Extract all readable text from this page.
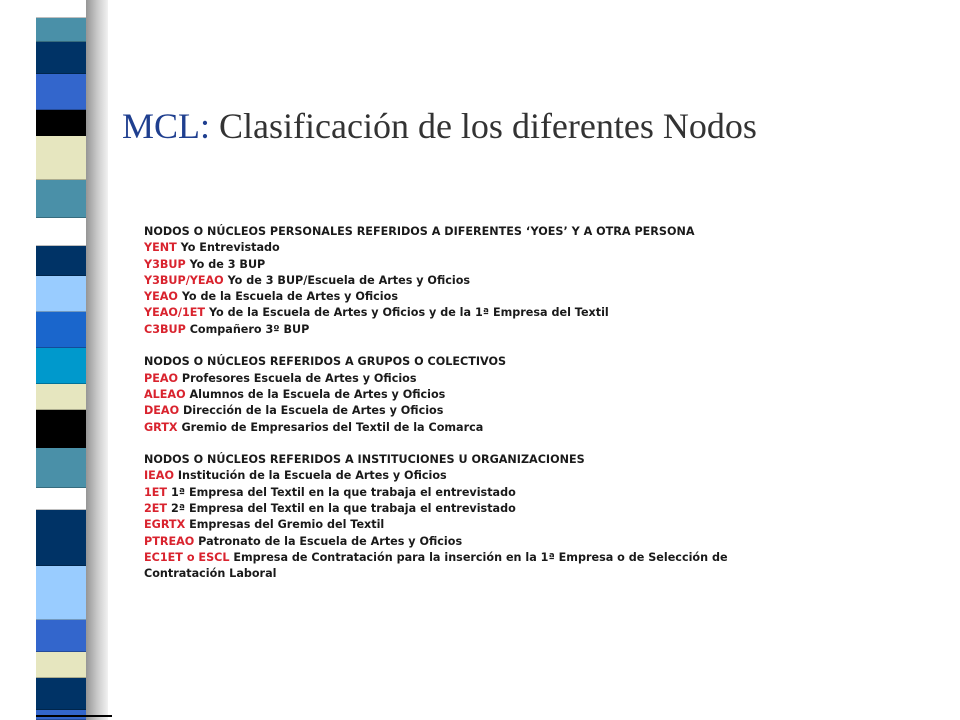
MCL: Clasificación de los diferentes Nodos
NODOS O NÚCLEOS PERSONALES REFERIDOS A DIFERENTES ‘YOES’ Y A OTRA PERSONA
YENT Yo Entrevistado
Y3BUP Yo de 3 BUP
Y3BUP/YEAO Yo de 3 BUP/Escuela de Artes y Oficios
YEAO Yo de la Escuela de Artes y Oficios
YEAO/1ET Yo de la Escuela de Artes y Oficios y de la 1ª Empresa del Textil
C3BUP Compañero 3º BUP
NODOS O NÚCLEOS REFERIDOS A GRUPOS O COLECTIVOS
PEAO Profesores Escuela de Artes y Oficios
ALEAO Alumnos de la Escuela de Artes y Oficios
DEAO Dirección de la Escuela de Artes y Oficios
GRTX Gremio de Empresarios del Textil de la Comarca
NODOS O NÚCLEOS REFERIDOS A INSTITUCIONES U ORGANIZACIONES
IEAO Institución de la Escuela de Artes y Oficios
1ET 1ª Empresa del Textil en la que trabaja el entrevistado
2ET 2ª Empresa del Textil en la que trabaja el entrevistado
EGRTX Empresas del Gremio del Textil
PTREAO Patronato de la Escuela de Artes y Oficios
EC1ET o ESCL Empresa de Contratación para la inserción en la 1ª Empresa o de Selección de Contratación Laboral
